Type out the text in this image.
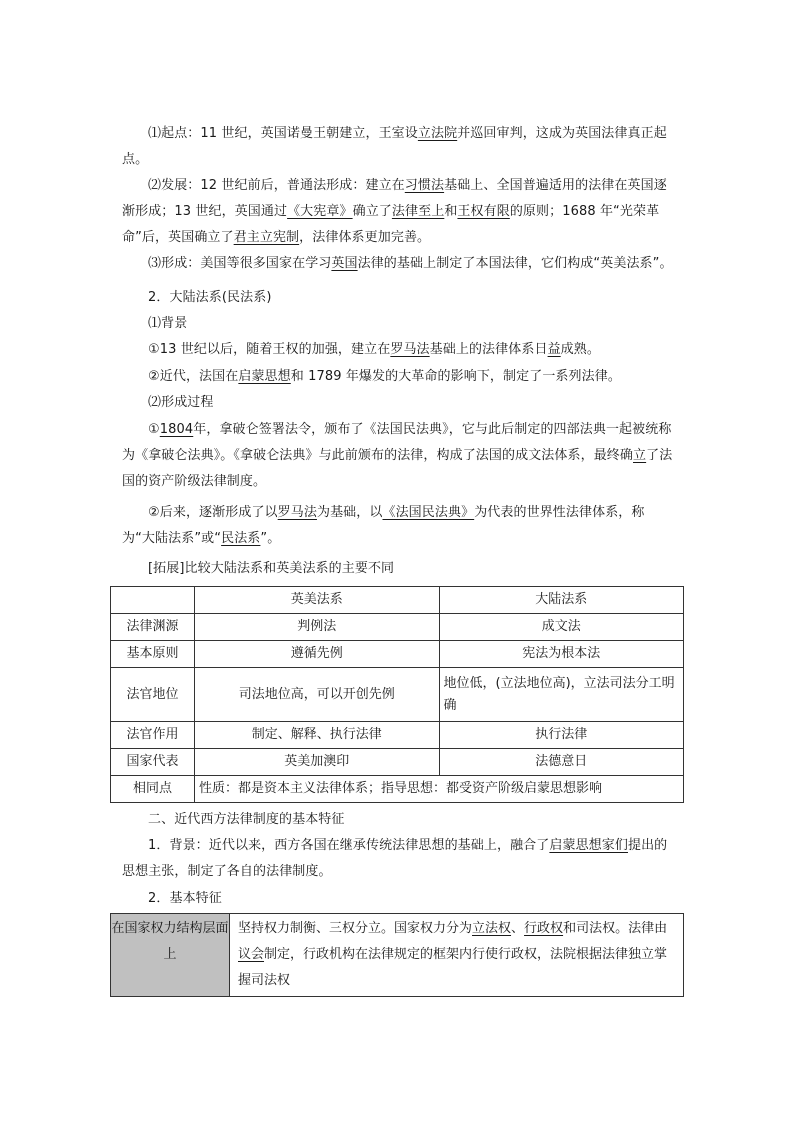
⑴起点：11 世纪，英国诺曼王朝建立，王室设立法院并巡回审判，这成为英国法律真正起点。

⑵发展：12 世纪前后，普通法形成：建立在习惯法基础上、全国普遍适用的法律在英国逐渐形成；13 世纪，英国通过《大宪章》确立了法律至上和王权有限的原则；1688 年“光荣革命”后，英国确立了君主立宪制，法律体系更加完善。

⑶形成：美国等很多国家在学习英国法律的基础上制定了本国法律，它们构成“英美法系”。

2．大陆法系(民法系)

⑴背景

①13 世纪以后，随着王权的加强，建立在罗马法基础上的法律体系日益成熟。

②近代，法国在启蒙思想和 1789 年爆发的大革命的影响下，制定了一系列法律。

⑵形成过程

①1804年，拿破仑签署法令，颁布了《法国民法典》，它与此后制定的四部法典一起被统称为《拿破仑法典》。《拿破仑法典》与此前颁布的法律，构成了法国的成文法体系，最终确立了法国的资产阶级法律制度。

②后来，逐渐形成了以罗马法为基础，以《法国民法典》为代表的世界性法律体系，称为“大陆法系”或“民法系”。

[拓展]比较大陆法系和英美法系的主要不同

	英美法系	大陆法系
法律渊源	判例法	成文法
基本原则	遵循先例	宪法为根本法
法官地位	司法地位高，可以开创先例	地位低，(立法地位高)，立法司法分工明确
法官作用	制定、解释、执行法律	执行法律
国家代表	英美加澳印	法德意日
相同点	性质：都是资本主义法律体系；指导思想：都受资产阶级启蒙思想影响	

二、近代西方法律制度的基本特征

1．背景：近代以来，西方各国在继承传统法律思想的基础上，融合了启蒙思想家们提出的思想主张，制定了各自的法律制度。

2．基本特征

在国家权力结构层面上	坚持权力制衡、三权分立。国家权力分为立法权、行政权和司法权。法律由议会制定，行政机构在法律规定的框架内行使行政权，法院根据法律独立掌握司法权
